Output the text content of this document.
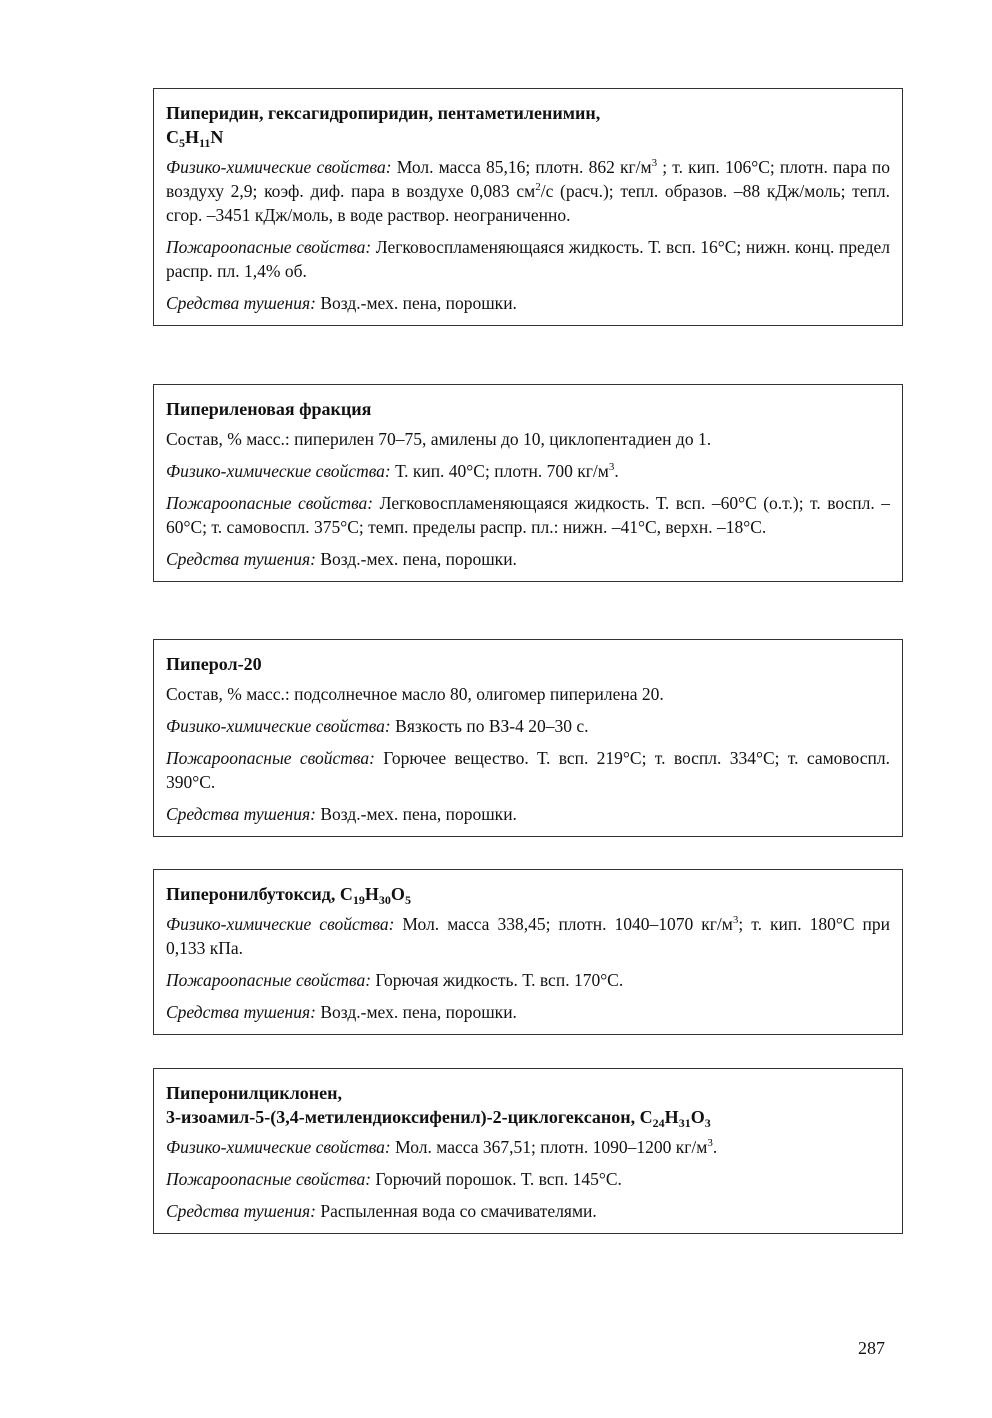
Пиперидин, гексагидропиридин, пентаметиленимин,
$C_5H_{11}N$

Физико-химические свойства: Мол. масса 85,16; плотн. 862 $кг/м^3$ ; т. кип. 106°C; плотн. пара по воздуху 2,9; коэф. диф. пара в воздухе 0,083 $см^2/с$ (расч.); тепл. образов. –88 кДж/моль; тепл. сгор. –3451 кДж/моль, в воде раствор. неограниченно.

Пожароопасные свойства: Легковоспламеняющаяся жидкость. Т. всп. 16°C; нижн. конц. предел распр. пл. 1,4% об.

Средства тушения: Возд.-мех. пена, порошки.

Пипериленовая фракция

Состав, % масс.: пиперилен 70–75, амилены до 10, циклопентадиен до 1.

Физико-химические свойства: Т. кип. 40°C; плотн. 700 $кг/м^3$.

Пожароопасные свойства: Легковоспламеняющаяся жидкость. Т. всп. –60°C (о.т.); т. воспл. –60°C; т. самовоспл. 375°C; темп. пределы распр. пл.: нижн. –41°C, верхн. –18°C.

Средства тушения: Возд.-мех. пена, порошки.

Пиперол-20

Состав, % масс.: подсолнечное масло 80, олигомер пиперилена 20.

Физико-химические свойства: Вязкость по ВЗ-4 20–30 с.

Пожароопасные свойства: Горючее вещество. Т. всп. 219°C; т. воспл. 334°C; т. самовоспл. 390°C.

Средства тушения: Возд.-мех. пена, порошки.

Пиперонилбутоксид, $C_{19}H_{30}O_5$

Физико-химические свойства: Мол. масса 338,45; плотн. 1040–1070 $кг/м^3$; т. кип. 180°C при 0,133 кПа.

Пожароопасные свойства: Горючая жидкость. Т. всп. 170°C.

Средства тушения: Возд.-мех. пена, порошки.

Пиперонилциклонен,
3-изоамил-5-(3,4-метилендиоксифенил)-2-циклогексанон, $C_{24}H_{31}O_3$

Физико-химические свойства: Мол. масса 367,51; плотн. 1090–1200 $кг/м^3$.

Пожароопасные свойства: Горючий порошок. Т. всп. 145°C.

Средства тушения: Распыленная вода со смачивателями.

287
